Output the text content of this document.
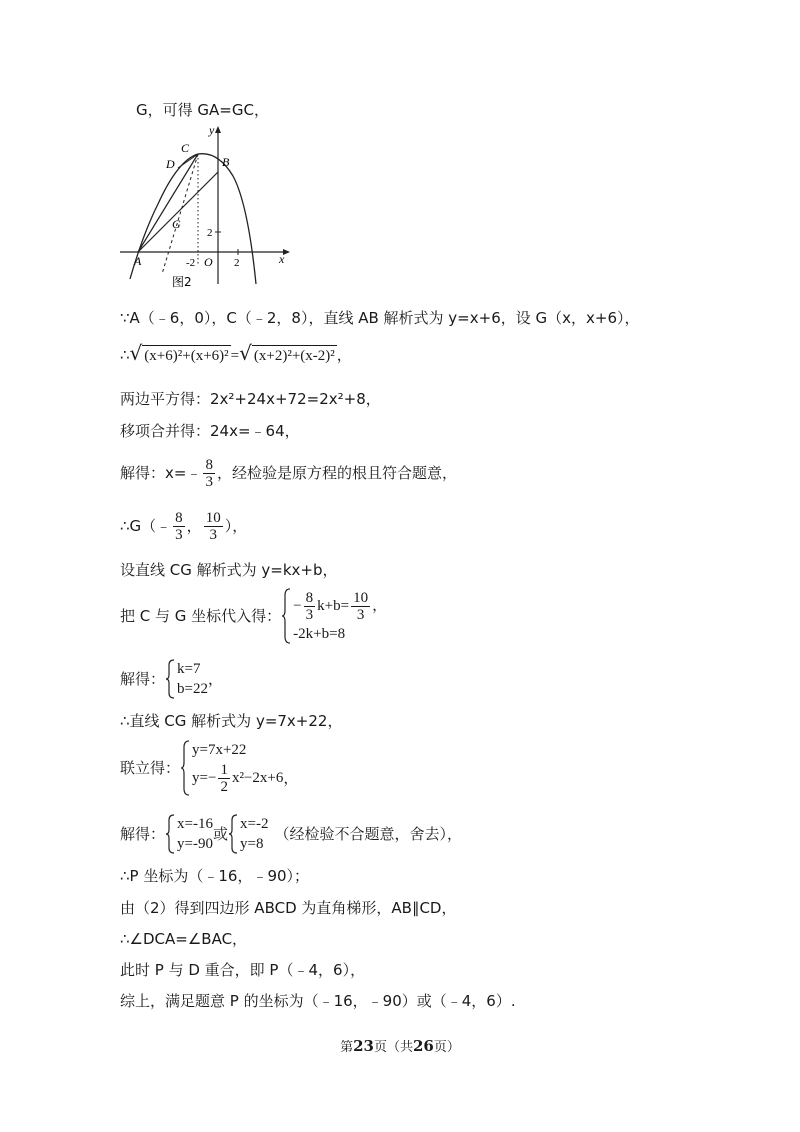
G，可得 GA=GC，
y
x
C
D	B
G
A	O
-2	2
2
图2
∵A（﹣6，0），C（﹣2，8），直线 AB 解析式为 y=x+6，设 G（x，x+6），
∴√ (x+6)²+(x+6)² =√ (x+2)²+(x-2)² ，
两边平方得：2x²+24x+72=2x²+8，
移项合并得：24x=﹣64，
解得：x=﹣ $\frac{8}{3}$ ，经检验是原方程的根且符合题意，
∴G（﹣ $\frac{8}{3}$ ， $\frac{10}{3}$ ），
设直线 CG 解析式为 y=kx+b，
把 C 与 G 坐标代入得：
− $\frac{8}{3} k+b= \frac{10}{3}$ ，
-2k+b=8
解得：
k=7
b=22
，
∴直线 CG 解析式为 y=7x+22，
联立得：
y=7x+22
$y=- \frac{1}{2} x^2-2x+6$ ，
解得：
x=-16
y=-90
或
x=-2
y=8
（经检验不合题意，舍去），
∴P 坐标为（﹣16，﹣90）；
由（2）得到四边形 ABCD 为直角梯形，AB∥CD，
∴∠DCA=∠BAC，
此时 P 与 D 重合，即 P（﹣4，6），
综上，满足题意 P 的坐标为（﹣16，﹣90）或（﹣4，6）.
第23页（共26页）
